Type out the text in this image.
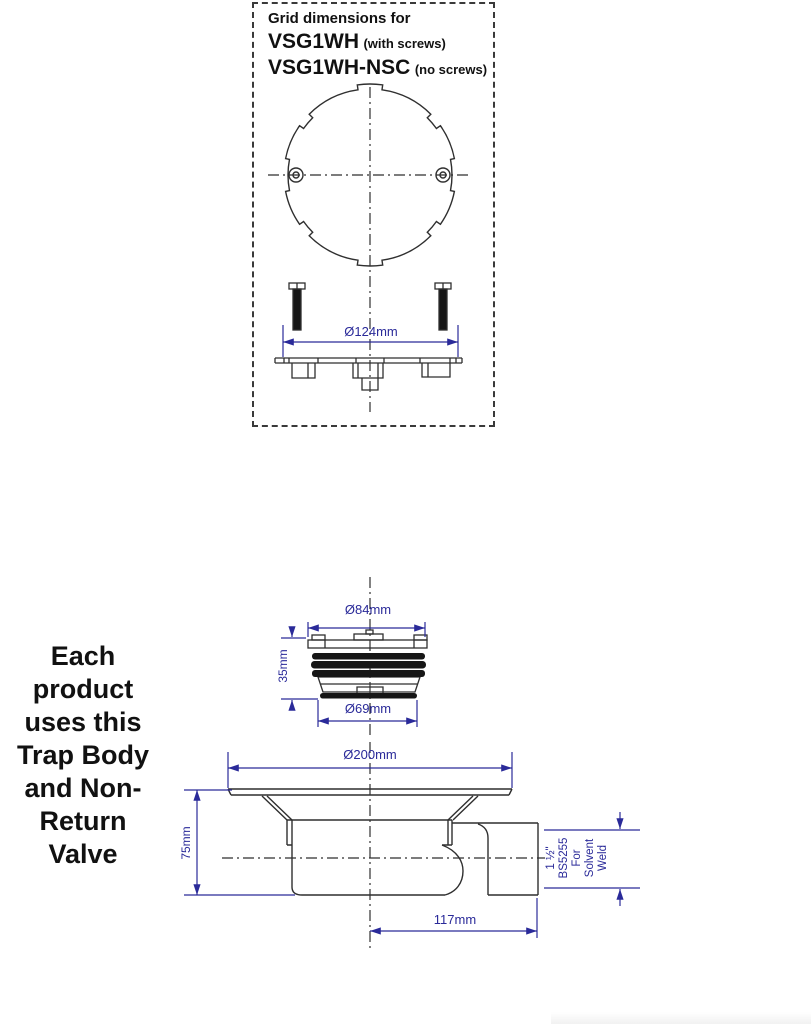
Grid dimensions for
VSG1WH (with screws)
VSG1WH-NSC (no screws)
Ø124mm
Ø84mm
35mm
Ø69mm
Ø200mm
75mm
117mm
1 ½" BS5255 For Solvent Weld
Each
product
uses this
Trap Body
and Non-
Return
Valve
